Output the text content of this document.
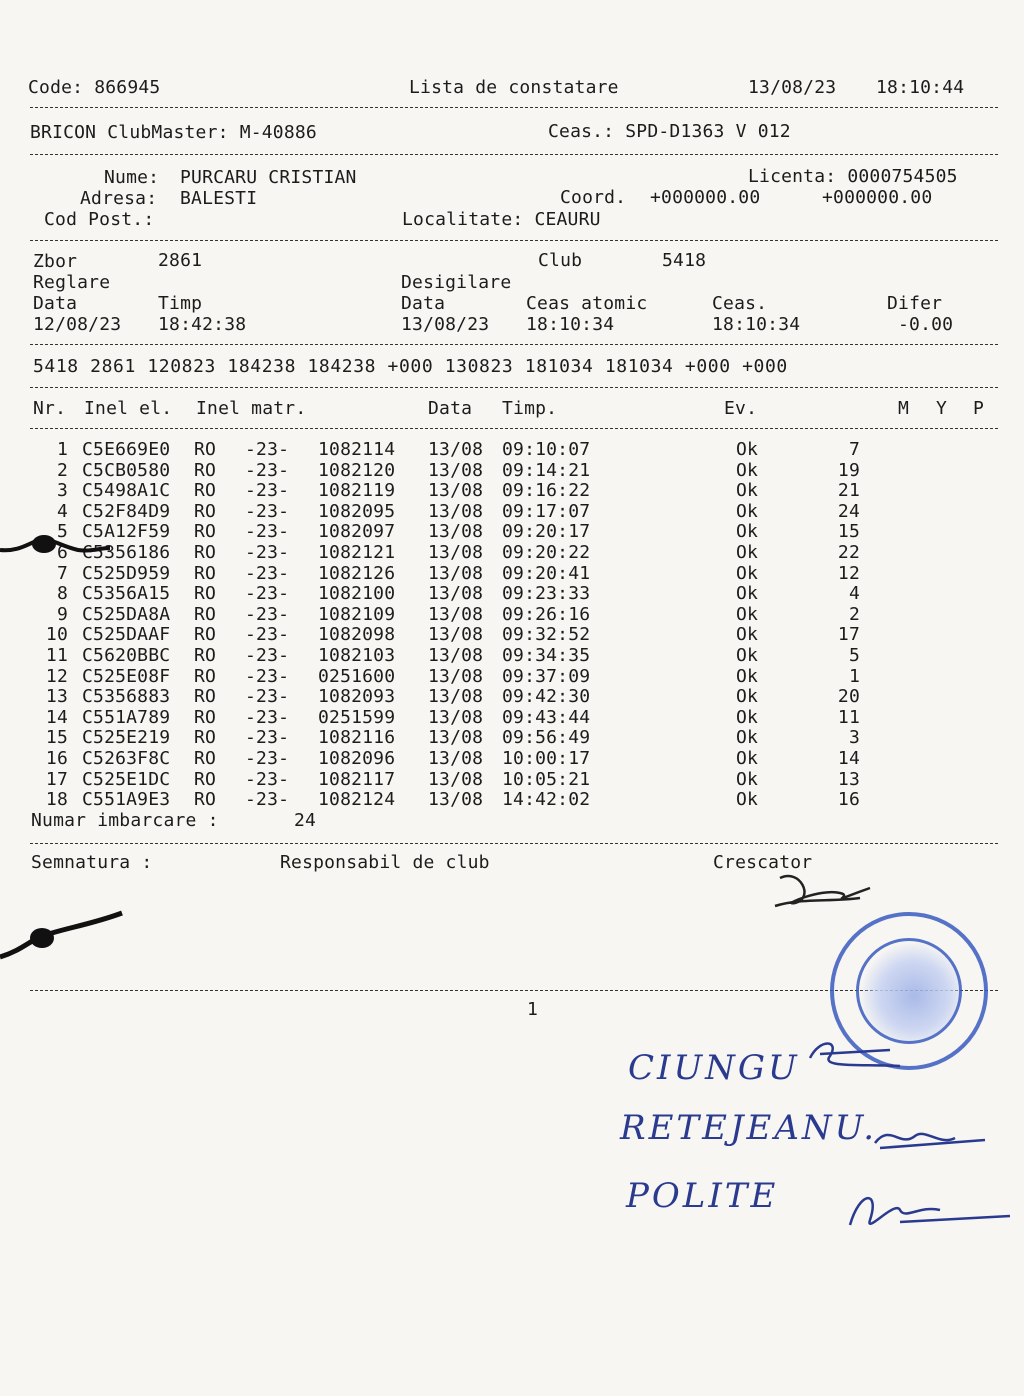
Code: 866945	Lista de constatare	13/08/23 18:10:44
BRICON ClubMaster: M-40886	Ceas.: SPD-D1363 V 012
Nume: PURCARU CRISTIAN	Licenta: 0000754505
Adresa: BALESTI	Coord. +000000.00	+000000.00
Cod Post.:	Localitate: CEAURU
Zbor	2861	Club	5418
Reglare	Desigilare
Data	Timp	Data	Ceas atomic	Ceas.	Difer
12/08/23 18:42:38	13/08/23 18:10:34	18:10:34	-0.00
5418 2861 120823 184238 184238 +000 130823 181034 181034 +000 +000
Nr. Inel el. Inel matr.	Data Timp.	Ev.	M Y P
1 C5E669E0 RO -23- 1082114 13/08 09:10:07	Ok	7
2 C5CB0580 RO -23- 1082120 13/08 09:14:21	Ok	19
3 C5498A1C RO -23- 1082119 13/08 09:16:22	Ok	21
4 C52F84D9 RO -23- 1082095 13/08 09:17:07	Ok	24
5 C5A12F59 RO -23- 1082097 13/08 09:20:17	Ok	15
6 C5356186 RO -23- 1082121 13/08 09:20:22	Ok	22
7 C525D959 RO -23- 1082126 13/08 09:20:41	Ok	12
8 C5356A15 RO -23- 1082100 13/08 09:23:33	Ok	4
9 C525DA8A RO -23- 1082109 13/08 09:26:16	Ok	2
10 C525DAAF RO -23- 1082098 13/08 09:32:52	Ok	17
11 C5620BBC RO -23- 1082103 13/08 09:34:35	Ok	5
12 C525E08F RO -23- 0251600 13/08 09:37:09	Ok	1
13 C5356883 RO -23- 1082093 13/08 09:42:30	Ok	20
14 C551A789 RO -23- 0251599 13/08 09:43:44	Ok	11
15 C525E219 RO -23- 1082116 13/08 09:56:49	Ok	3
16 C5263F8C RO -23- 1082096 13/08 10:00:17	Ok	14
17 C525E1DC RO -23- 1082117 13/08 10:05:21	Ok	13
18 C551A9E3 RO -23- 1082124 13/08 14:42:02	Ok	16
Numar imbarcare :	24
Semnatura :	Responsabil de club	Crescator
1
CIUNGU
RETEJEANU.
POLITE
